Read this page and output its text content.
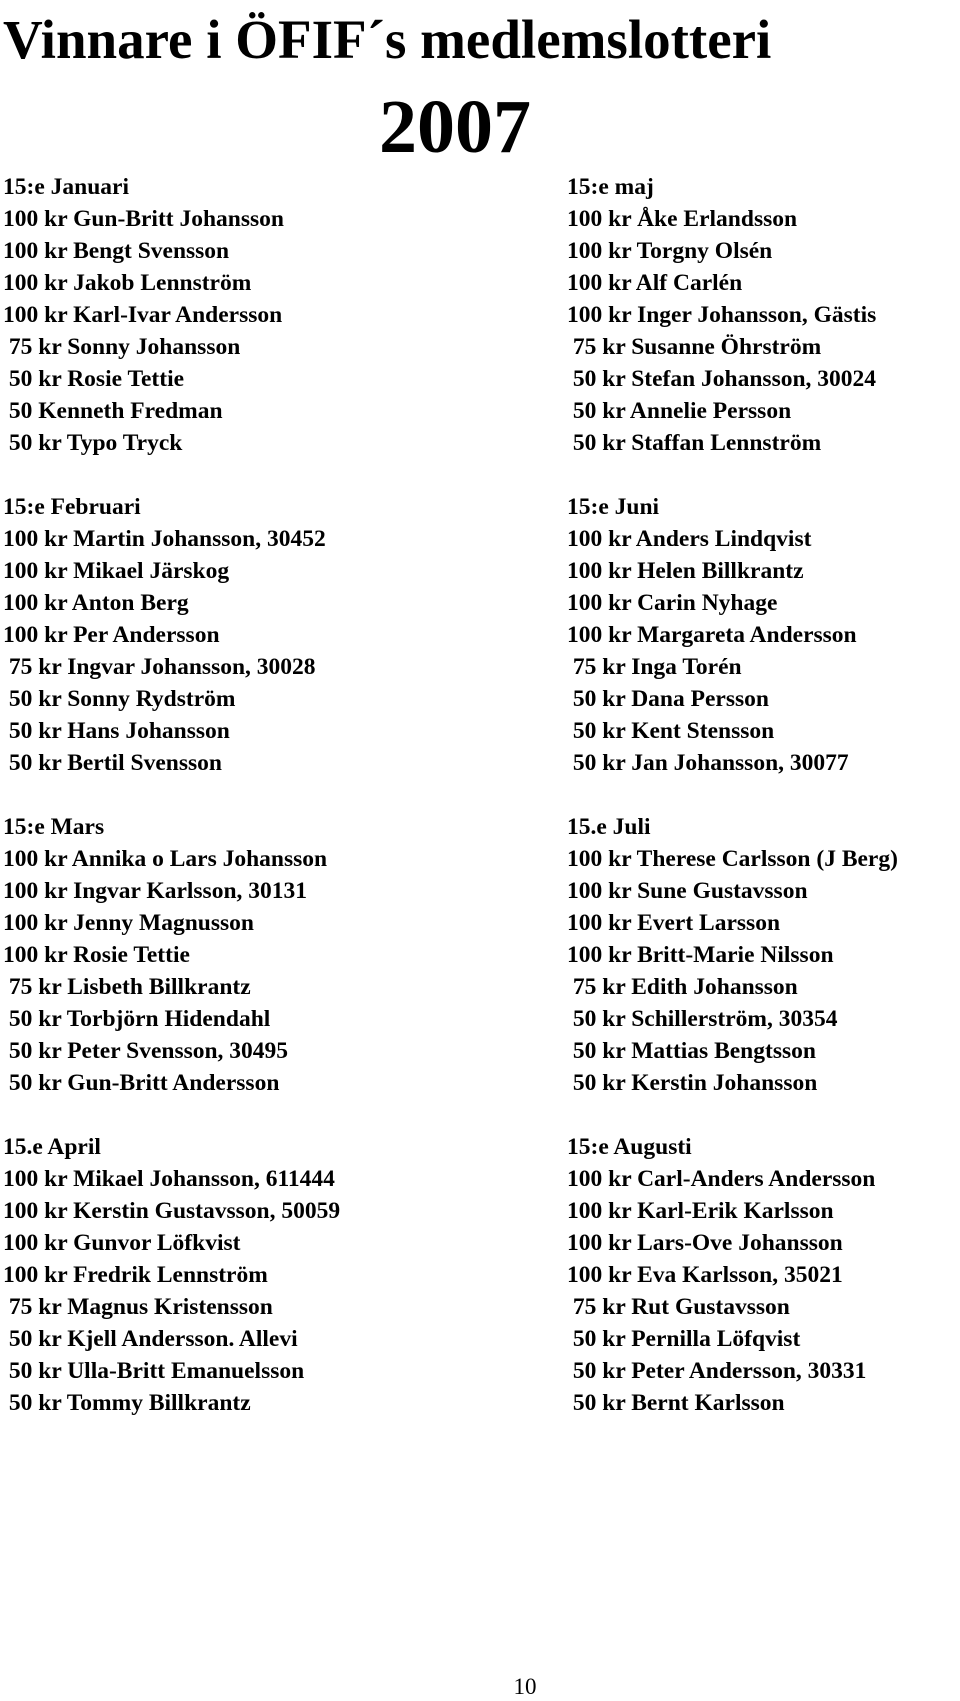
Vinnare i ÖFIF´s medlemslotteri
2007
15:e Januari
100 kr Gun-Britt Johansson
100 kr Bengt Svensson
100 kr Jakob Lennström
100 kr Karl-Ivar Andersson
75 kr Sonny Johansson
50 kr Rosie Tettie
50 Kenneth Fredman
50 kr Typo Tryck
15:e Februari
100 kr Martin Johansson, 30452
100 kr Mikael Järskog
100 kr Anton Berg
100 kr Per Andersson
75 kr Ingvar Johansson, 30028
50 kr Sonny Rydström
50 kr Hans Johansson
50 kr Bertil Svensson
15:e Mars
100 kr Annika o Lars Johansson
100 kr Ingvar Karlsson, 30131
100 kr Jenny Magnusson
100 kr Rosie Tettie
75 kr Lisbeth Billkrantz
50 kr Torbjörn Hidendahl
50 kr Peter Svensson, 30495
50 kr Gun-Britt Andersson
15.e April
100 kr Mikael Johansson, 611444
100 kr Kerstin Gustavsson, 50059
100 kr Gunvor Löfkvist
100 kr Fredrik Lennström
75 kr Magnus Kristensson
50 kr Kjell Andersson. Allevi
50 kr Ulla-Britt Emanuelsson
50 kr Tommy Billkrantz
15:e maj
100 kr Åke Erlandsson
100 kr Torgny Olsén
100 kr Alf Carlén
100 kr Inger Johansson, Gästis
75 kr Susanne Öhrström
50 kr Stefan Johansson, 30024
50 kr Annelie Persson
50 kr Staffan Lennström
15:e Juni
100 kr Anders Lindqvist
100 kr Helen Billkrantz
100 kr Carin Nyhage
100 kr Margareta Andersson
75 kr Inga Torén
50 kr Dana Persson
50 kr Kent Stensson
50 kr Jan Johansson, 30077
15.e Juli
100 kr Therese Carlsson (J Berg)
100 kr Sune Gustavsson
100 kr Evert Larsson
100 kr Britt-Marie Nilsson
75 kr Edith Johansson
50 kr Schillerström, 30354
50 kr Mattias Bengtsson
50 kr Kerstin Johansson
15:e Augusti
100 kr Carl-Anders Andersson
100 kr Karl-Erik Karlsson
100 kr Lars-Ove Johansson
100 kr Eva Karlsson, 35021
75 kr Rut Gustavsson
50 kr Pernilla Löfqvist
50 kr Peter Andersson, 30331
50 kr Bernt Karlsson
10
